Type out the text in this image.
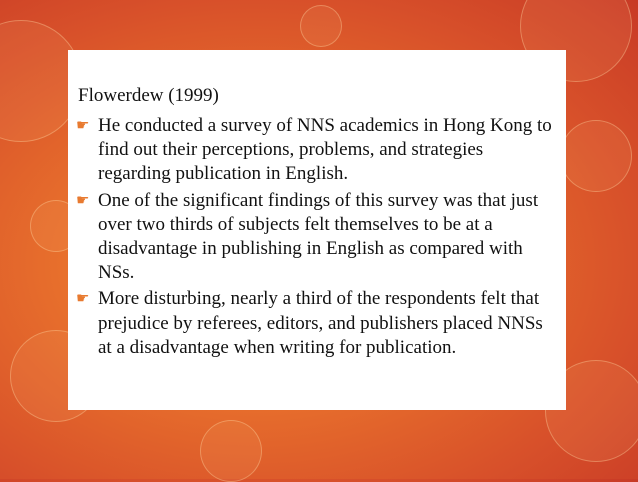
Flowerdew (1999)
☛ He conducted a survey of NNS academics in Hong Kong to find out their perceptions, problems, and strategies regarding publication in English.
☛ One of the significant findings of this survey was that just over two thirds of subjects felt themselves to be at a disadvantage in publishing in English as compared with NSs.
☛ More disturbing, nearly a third of the respondents felt that prejudice by referees, editors, and publishers placed NNSs at a disadvantage when writing for publication.
